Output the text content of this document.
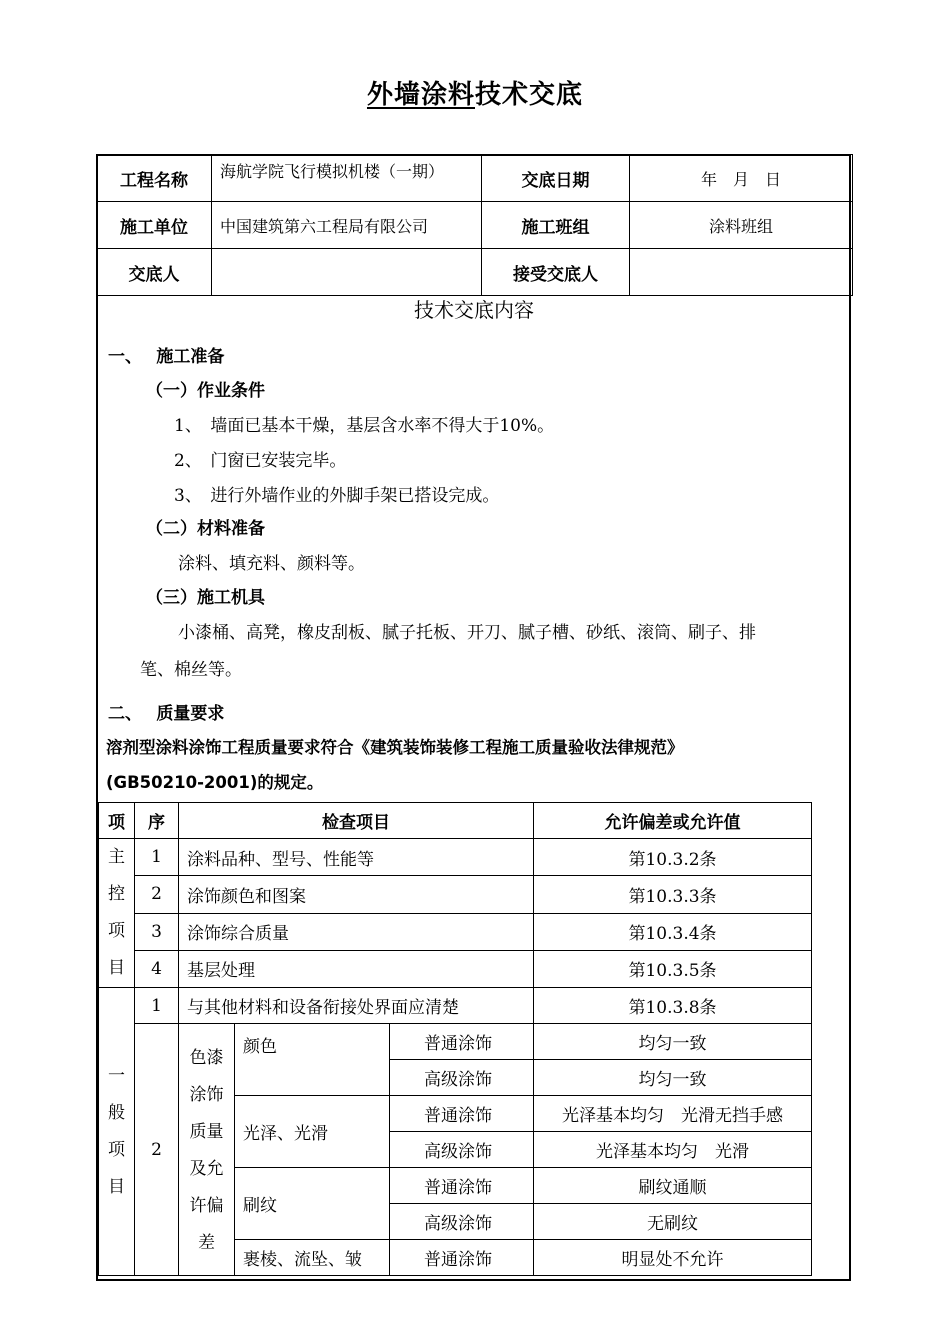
外墙涂料技术交底
工程名称	海航学院飞行模拟机楼（一期）	交底日期	年　月　日
施工单位	中国建筑第六工程局有限公司	施工班组	涂料班组
交底人		接受交底人	
技术交底内容
一、　 施工准备
（一）作业条件
1、　墙面已基本干燥，基层含水率不得大于10%。
2、　门窗已安装完毕。
3、　进行外墙作业的外脚手架已搭设完成。
（二）材料准备
涂料、填充料、颜料等。
（三）施工机具
小漆桶、高凳，橡皮刮板、腻子托板、开刀、腻子槽、砂纸、滚筒、刷子、排
笔、棉丝等。
二、　 质量要求
溶剂型涂料涂饰工程质量要求符合《建筑装饰装修工程施工质量验收法律规范》
(GB50210-2001)的规定。
项	序	检查项目			允许偏差或允许值

主控项目	1	涂料品种、型号、性能等			第10.3.2条
	2	涂饰颜色和图案			第10.3.3条
	3	涂饰综合质量			第10.3.4条
	4	基层处理			第10.3.5条

一般项目	1	与其他材料和设备衔接处界面应清楚			第10.3.8条
	2	色漆涂饰质量及允许偏差	颜色	普通涂饰	均匀一致
				高级涂饰	均匀一致
			光泽、光滑	普通涂饰	光泽基本均匀　光滑无挡手感
				高级涂饰	光泽基本均匀　光滑
			刷纹	普通涂饰	刷纹通顺
				高级涂饰	无刷纹
			裹棱、流坠、皱	普通涂饰	明显处不允许
